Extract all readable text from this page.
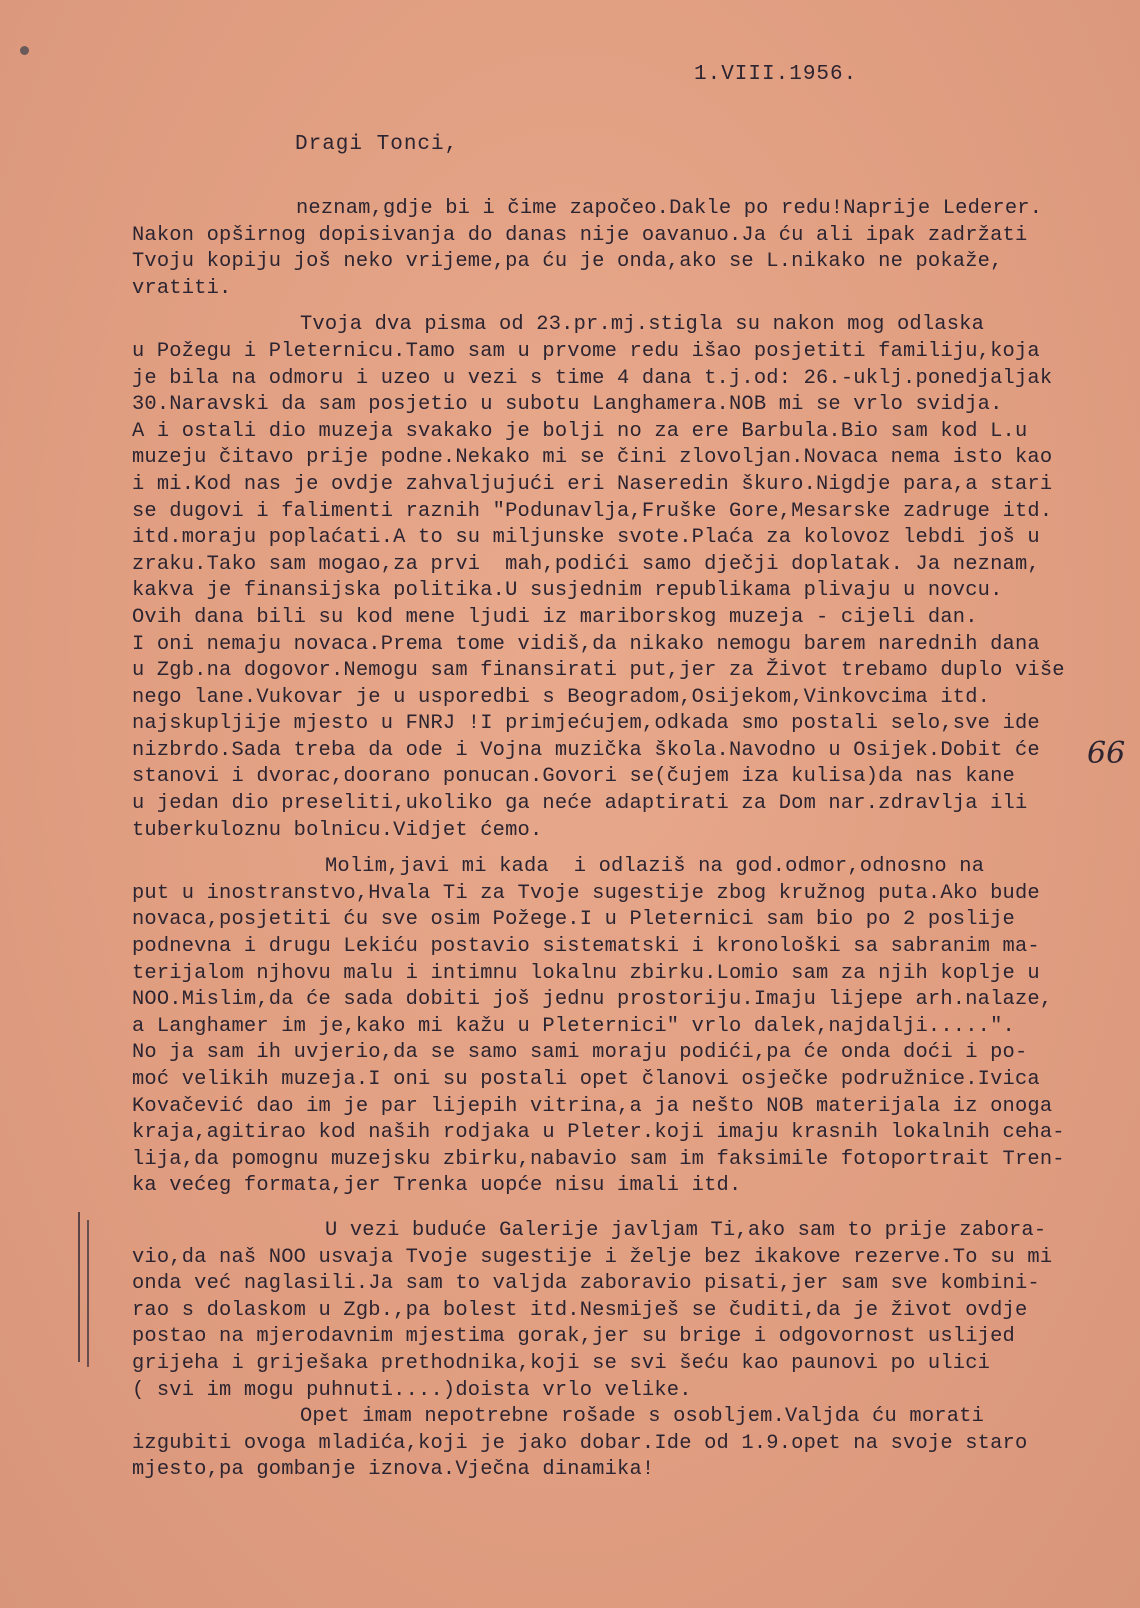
1.VIII.1956.
Dragi Tonci,
66
neznam,gdje bi i čime započeo.Dakle po redu!Naprije Lederer.
Nakon opširnog dopisivanja do danas nije oavanuo.Ja ću ali ipak zadržati
Tvoju kopiju još neko vrijeme,pa ću je onda,ako se L.nikako ne pokaže,
vratiti.
Tvoja dva pisma od 23.pr.mj.stigla su nakon mog odlaska
u Požegu i Pleternicu.Tamo sam u prvome redu išao posjetiti familiju,koja
je bila na odmoru i uzeo u vezi s time 4 dana t.j.od: 26.-uklj.ponedjaljak
30.Naravski da sam posjetio u subotu Langhamera.NOB mi se vrlo svidja.
A i ostali dio muzeja svakako je bolji no za ere Barbula.Bio sam kod L.u
muzeju čitavo prije podne.Nekako mi se čini zlovoljan.Novaca nema isto kao
i mi.Kod nas je ovdje zahvaljujući eri Naseredin škuro.Nigdje para,a stari
se dugovi i falimenti raznih "Podunavlja,Fruške Gore,Mesarske zadruge itd.
itd.moraju poplaćati.A to su miljunske svote.Plaća za kolovoz lebdi još u
zraku.Tako sam mogao,za prvi  mah,podići samo dječji doplatak. Ja neznam,
kakva je finansijska politika.U susjednim republikama plivaju u novcu.
Ovih dana bili su kod mene ljudi iz mariborskog muzeja - cijeli dan.
I oni nemaju novaca.Prema tome vidiš,da nikako nemogu barem narednih dana
u Zgb.na dogovor.Nemogu sam finansirati put,jer za Život trebamo duplo više
nego lane.Vukovar je u usporedbi s Beogradom,Osijekom,Vinkovcima itd.
najskupljije mjesto u FNRJ !I primjećujem,odkada smo postali selo,sve ide
nizbrdo.Sada treba da ode i Vojna muzička škola.Navodno u Osijek.Dobit će
stanovi i dvorac,doorano ponucan.Govori se(čujem iza kulisa)da nas kane
u jedan dio preseliti,ukoliko ga neće adaptirati za Dom nar.zdravlja ili
tuberkuloznu bolnicu.Vidjet ćemo.
Molim,javi mi kada  i odlaziš na god.odmor,odnosno na
put u inostranstvo,Hvala Ti za Tvoje sugestije zbog kružnog puta.Ako bude
novaca,posjetiti ću sve osim Požege.I u Pleternici sam bio po 2 poslije
podnevna i drugu Lekiću postavio sistematski i kronološki sa sabranim ma-
terijalom njhovu malu i intimnu lokalnu zbirku.Lomio sam za njih koplje u
NOO.Mislim,da će sada dobiti još jednu prostoriju.Imaju lijepe arh.nalaze,
a Langhamer im je,kako mi kažu u Pleternici" vrlo dalek,najdalji.....".
No ja sam ih uvjerio,da se samo sami moraju podići,pa će onda doći i po-
moć velikih muzeja.I oni su postali opet članovi osječke podružnice.Ivica
Kovačević dao im je par lijepih vitrina,a ja nešto NOB materijala iz onoga
kraja,agitirao kod naših rodjaka u Pleter.koji imaju krasnih lokalnih ceha-
lija,da pomognu muzejsku zbirku,nabavio sam im faksimile fotoportrait Tren-
ka većeg formata,jer Trenka uopće nisu imali itd.
U vezi buduće Galerije javljam Ti,ako sam to prije zabora-
vio,da naš NOO usvaja Tvoje sugestije i želje bez ikakove rezerve.To su mi
onda već naglasili.Ja sam to valjda zaboravio pisati,jer sam sve kombini-
rao s dolaskom u Zgb.,pa bolest itd.Nesmiješ se čuditi,da je život ovdje
postao na mjerodavnim mjestima gorak,jer su brige i odgovornost uslijed
grijeha i griješaka prethodnika,koji se svi šeću kao paunovi po ulici
( svi im mogu puhnuti....)doista vrlo velike.
Opet imam nepotrebne rošade s osobljem.Valjda ću morati
izgubiti ovoga mladića,koji je jako dobar.Ide od 1.9.opet na svoje staro
mjesto,pa gombanje iznova.Vječna dinamika!
